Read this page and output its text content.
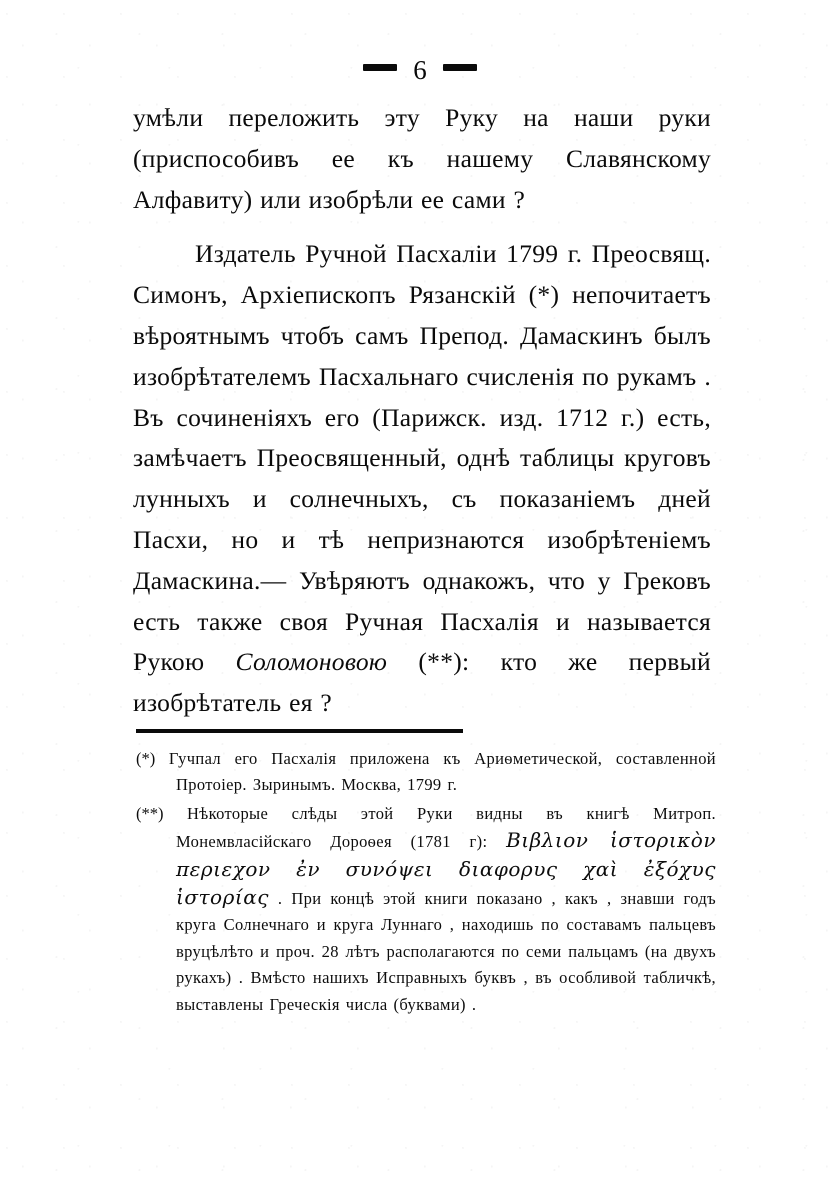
6

умѣли переложить эту Руку на наши руки (приспособивъ ее къ нашему Славянскому Алфавиту) или изобрѣли ее сами ?

Издатель Ручной Пасхаліи 1799 г. Преосвящ. Симонъ, Архіепископъ Рязанскій (*) непочитаетъ вѣроятнымъ чтобъ самъ Препод. Дамаскинъ былъ изобрѣтателемъ Пасхальнаго счисленія по рукамъ . Въ сочиненіяхъ его (Парижск. изд. 1712 г.) есть, замѣчаетъ Преосвященный, однѣ таблицы круговъ лунныхъ и солнечныхъ, съ показаніемъ дней Пасхи, но и тѣ непризнаются изобрѣтеніемъ Дамаскина.— Увѣряютъ однакожъ, что у Грековъ есть также своя Ручная Пасхалія и называется Рукою Соломоновою (**): кто же первый изобрѣтатель ея ?

(*) Гучпал его Пасхалія приложена къ Ариѳметической, составленной Протоіер. Зыринымъ. Москва, 1799 г.

(**) Нѣкоторые слѣды этой Руки видны въ книгѣ Митроп. Монемвласійскаго Дороѳея (1781 г): Βιβλιον ἱστορικὸν περιεχον ἐν συνόψει διαφορυς χαὶ ἐξόχυς ἱστορίας . При концѣ этой книги показано , какъ , знавши годъ круга Солнечнаго и круга Луннаго , находишь по составамъ пальцевъ вруцѣлѣто и проч. 28 лѣтъ располагаются по семи пальцамъ (на двухъ рукахъ) . Вмѣсто нашихъ Исправныхъ буквъ , въ особливой табличкѣ, выставлены Греческія числа (буквами) .
